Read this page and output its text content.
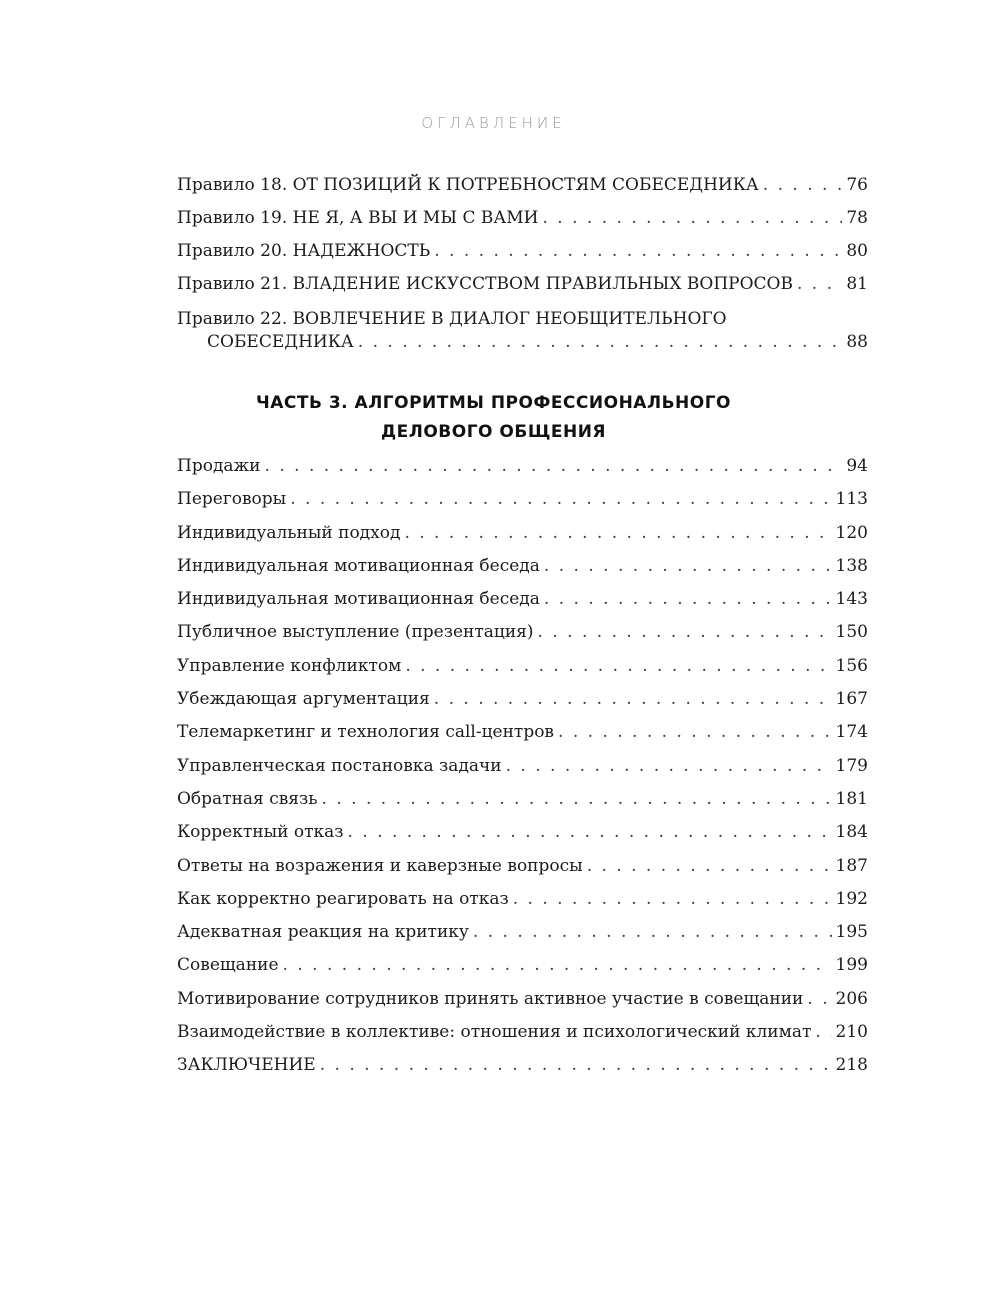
ОГЛАВЛЕНИЕ
Правило 18. ОТ ПОЗИЦИЙ К ПОТРЕБНОСТЯМ СОБЕСЕДНИКА . . .	76
Правило 19. НЕ Я, А ВЫ И МЫ С ВАМИ . . .	78
Правило 20. НАДЕЖНОСТЬ . . .	80
Правило 21. ВЛАДЕНИЕ ИСКУССТВОМ ПРАВИЛЬНЫХ ВОПРОСОВ . . .	81
Правило 22. ВОВЛЕЧЕНИЕ В ДИАЛОГ НЕОБЩИТЕЛЬНОГО
СОБЕСЕДНИКА . . .	88
ЧАСТЬ 3. АЛГОРИТМЫ ПРОФЕССИОНАЛЬНОГО
ДЕЛОВОГО ОБЩЕНИЯ
Продажи . . .	94
Переговоры . . .	113
Индивидуальный подход . . .	120
Индивидуальная мотивационная беседа . . .	138
Индивидуальная мотивационная беседа . . .	143
Публичное выступление (презентация) . . .	150
Управление конфликтом . . .	156
Убеждающая аргументация . . .	167
Телемаркетинг и технология call-центров . . .	174
Управленческая постановка задачи . . .	179
Обратная связь . . .	181
Корректный отказ . . .	184
Ответы на возражения и каверзные вопросы . . .	187
Как корректно реагировать на отказ . . .	192
Адекватная реакция на критику . . .	195
Совещание . . .	199
Мотивирование сотрудников принять активное участие в совещании . . . 206
Взаимодействие в коллективе: отношения и психологический климат . . . 210
ЗАКЛЮЧЕНИЕ . . .	218
